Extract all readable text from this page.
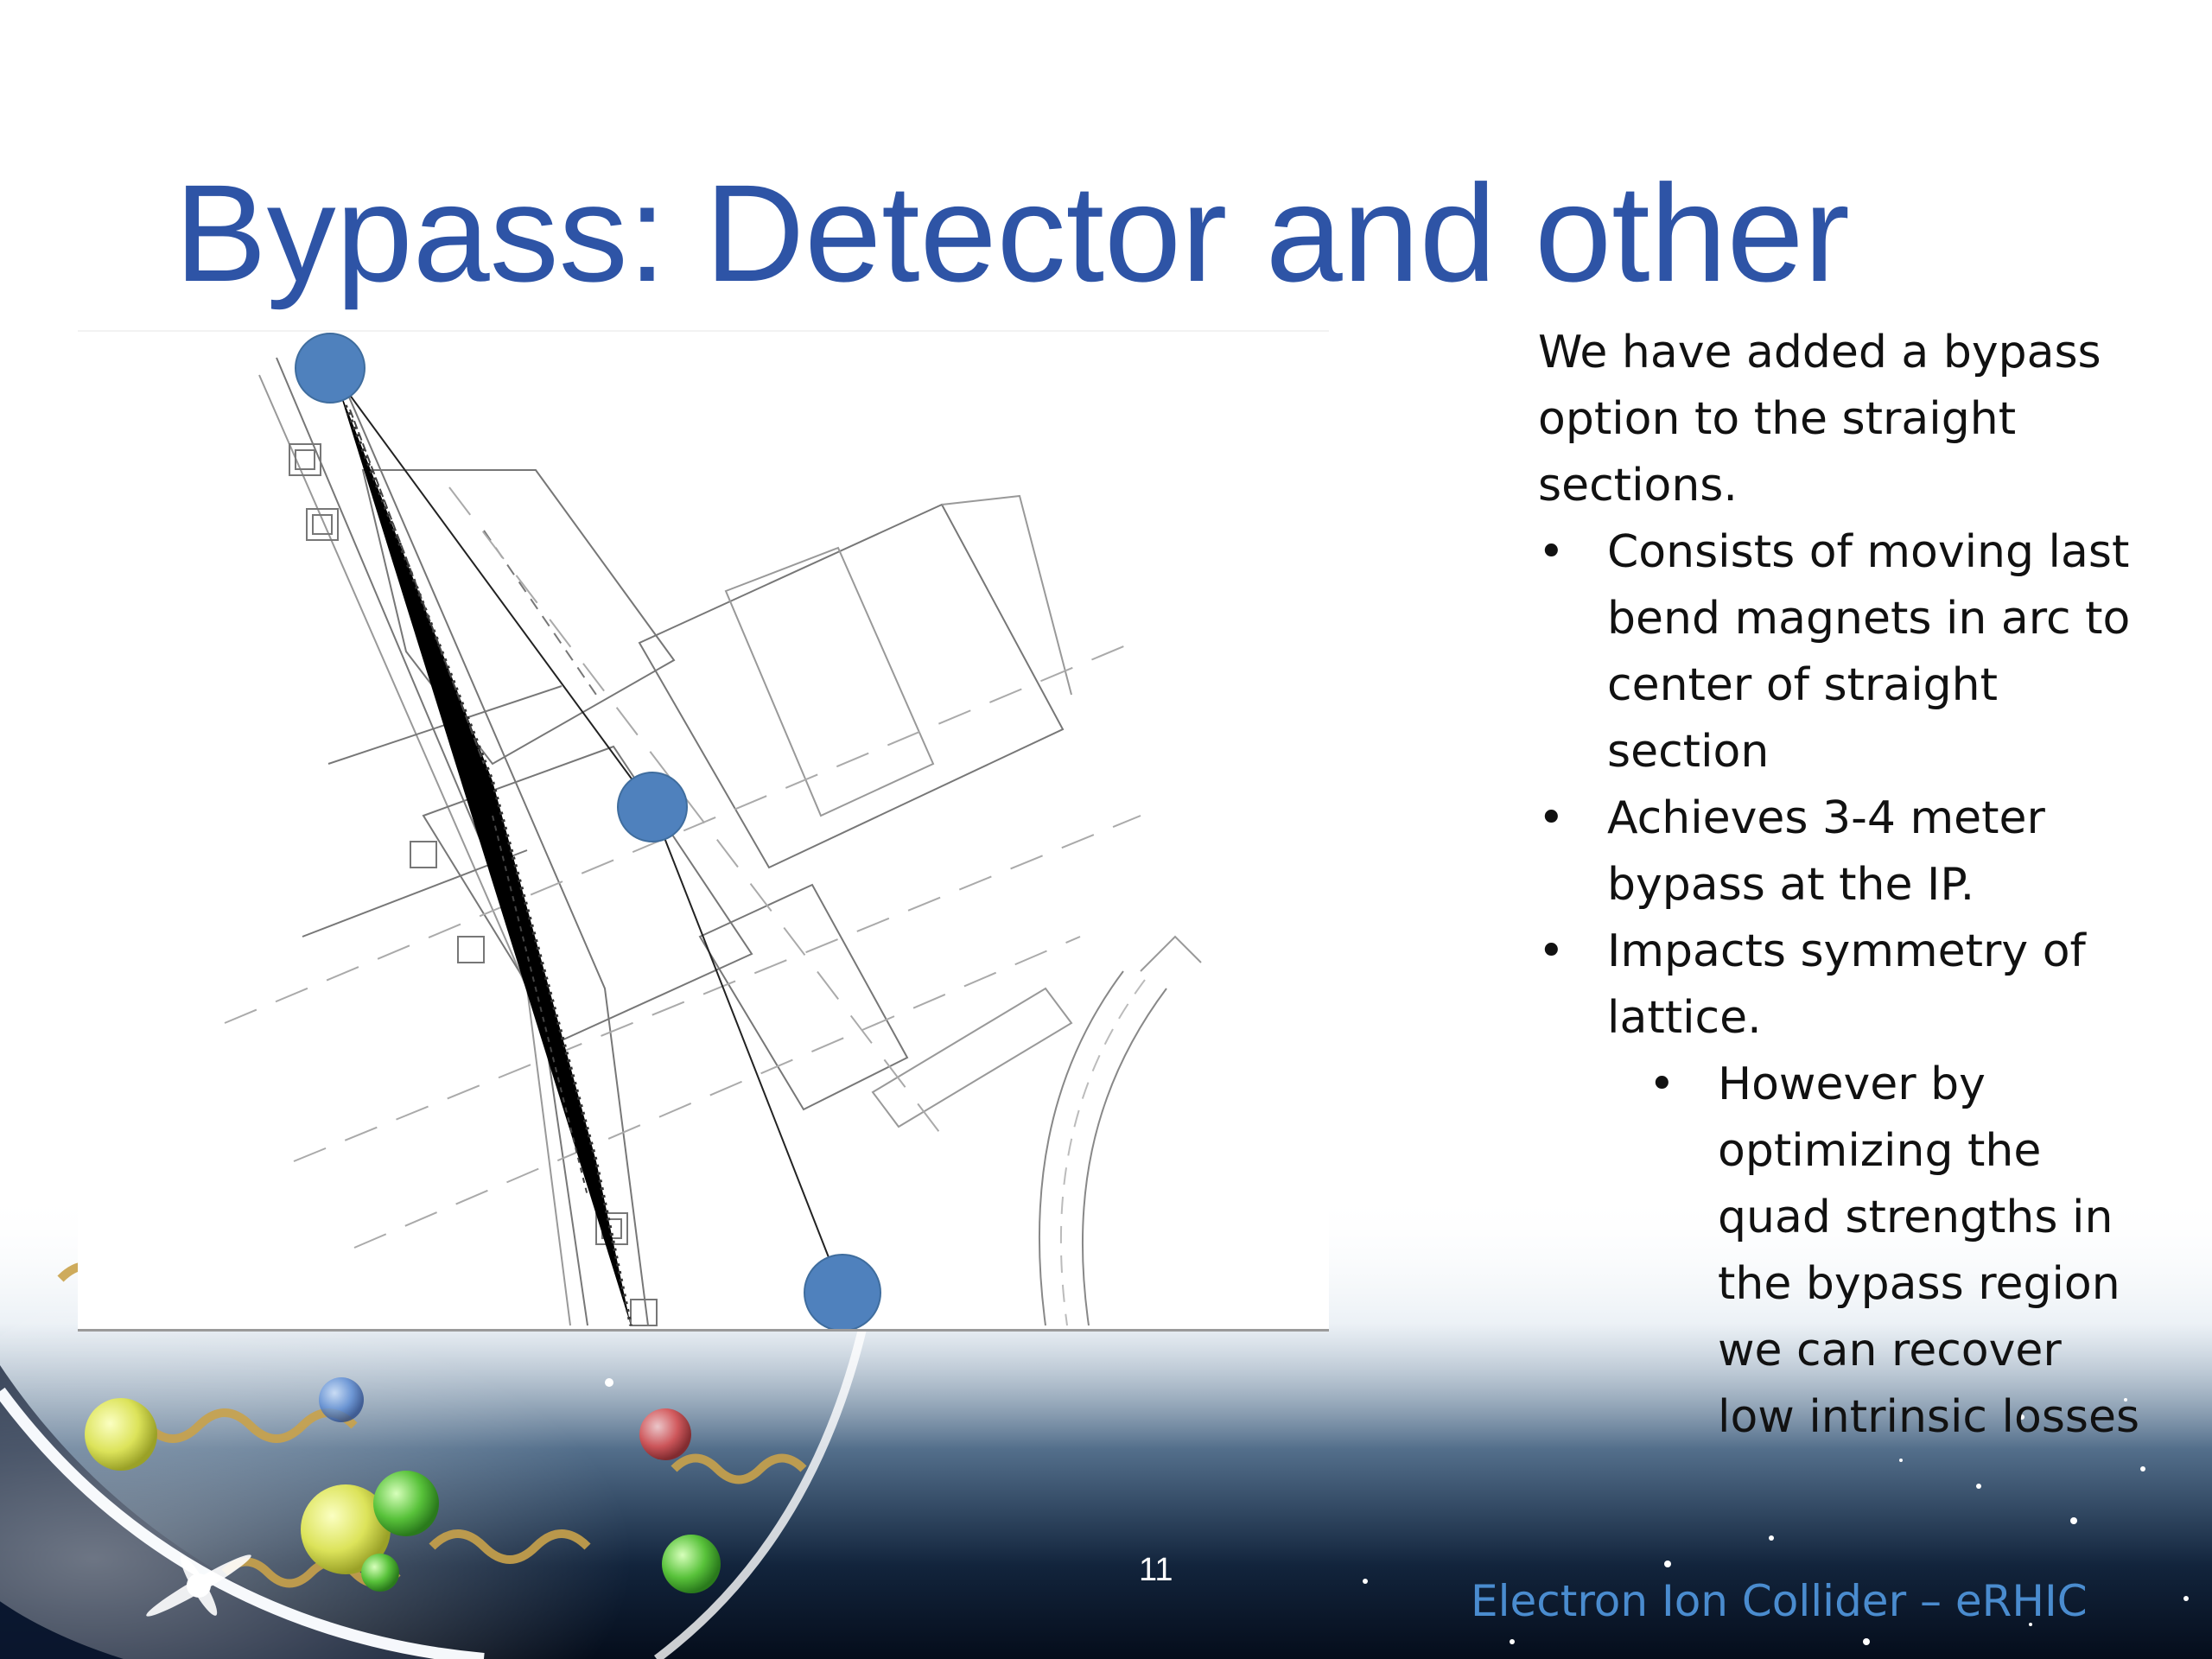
Bypass: Detector and other

We have added a bypass option to the straight sections.

• Consists of moving last bend magnets in arc to center of straight section
• Achieves 3-4 meter bypass at the IP.
• Impacts symmetry of lattice.
• However by optimizing the quad strengths in the bypass region we can recover low intrinsic losses
11
Electron Ion Collider – eRHIC
